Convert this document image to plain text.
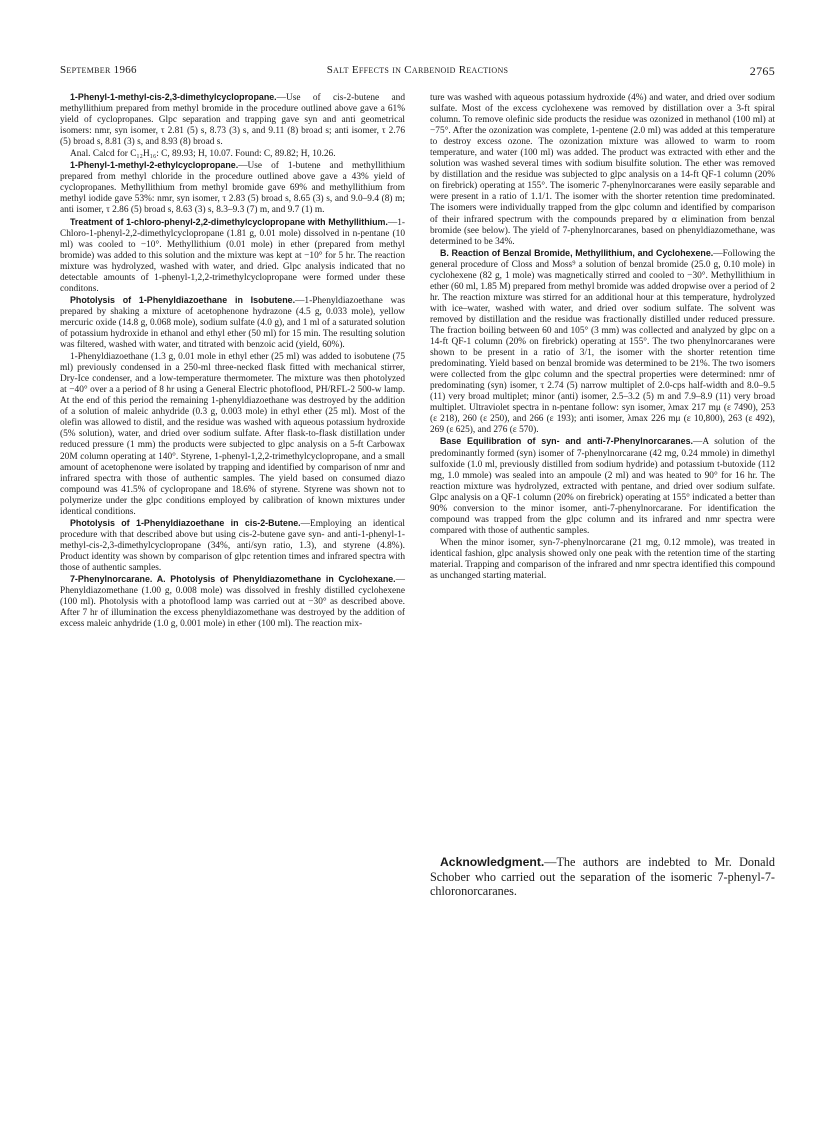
September 1966	Salt Effects in Carbenoid Reactions	2765

1-Phenyl-1-methyl-cis-2,3-dimethylcyclopropane.—Use of cis-2-butene and methyllithium prepared from methyl bromide in the procedure outlined above gave a 61% yield of cyclopropanes. Glpc separation and trapping gave syn and anti geometrical isomers: nmr, syn isomer, τ 2.81 (5) s, 8.73 (3) s, and 9.11 (8) broad s; anti isomer, τ 2.76 (5) broad s, 8.81 (3) s, and 8.93 (8) broad s.

Anal. Calcd for C₁₂H₁₆: C, 89.93; H, 10.07. Found: C, 89.82; H, 10.26.

1-Phenyl-1-methyl-2-ethylcyclopropane.—Use of 1-butene and methyllithium prepared from methyl chloride in the procedure outlined above gave a 43% yield of cyclopropanes. Methyllithium from methyl bromide gave 69% and methyllithium from methyl iodide gave 53%: nmr, syn isomer, τ 2.83 (5) broad s, 8.65 (3) s, and 9.0–9.4 (8) m; anti isomer, τ 2.86 (5) broad s, 8.63 (3) s, 8.3–9.3 (7) m, and 9.7 (1) m.

Treatment of 1-chloro-phenyl-2,2-dimethylcyclopropane with Methyllithium.—1-Chloro-1-phenyl-2,2-dimethylcyclopropane (1.81 g, 0.01 mole) dissolved in n-pentane (10 ml) was cooled to −10°. Methyllithium (0.01 mole) in ether (prepared from methyl bromide) was added to this solution and the mixture was kept at −10° for 5 hr. The reaction mixture was hydrolyzed, washed with water, and dried. Glpc analysis indicated that no detectable amounts of 1-phenyl-1,2,2-trimethylcyclopropane were formed under these conditons.

Photolysis of 1-Phenyldiazoethane in Isobutene.—1-Phenyldiazoethane was prepared by shaking a mixture of acetophenone hydrazone (4.5 g, 0.033 mole), yellow mercuric oxide (14.8 g, 0.068 mole), sodium sulfate (4.0 g), and 1 ml of a saturated solution of potassium hydroxide in ethanol and ethyl ether (50 ml) for 15 min. The resulting solution was filtered, washed with water, and titrated with benzoic acid (yield, 60%).

1-Phenyldiazoethane (1.3 g, 0.01 mole in ethyl ether (25 ml) was added to isobutene (75 ml) previously condensed in a 250-ml three-necked flask fitted with mechanical stirrer, Dry-Ice condenser, and a low-temperature thermometer. The mixture was then photolyzed at −40° over a a period of 8 hr using a General Electric photoflood, PH/RFL-2 500-w lamp. At the end of this period the remaining 1-phenyldiazoethane was destroyed by the addition of a solution of maleic anhydride (0.3 g, 0.003 mole) in ethyl ether (25 ml). Most of the olefin was allowed to distil, and the residue was washed with aqueous potassium hydroxide (5% solution), water, and dried over sodium sulfate. After flask-to-flask distillation under reduced pressure (1 mm) the products were subjected to glpc analysis on a 5-ft Carbowax 20M column operating at 140°. Styrene, 1-phenyl-1,2,2-trimethylcyclopropane, and a small amount of acetophenone were isolated by trapping and identified by comparison of nmr and infrared spectra with those of authentic samples. The yield based on consumed diazo compound was 41.5% of cyclopropane and 18.6% of styrene. Styrene was shown not to polymerize under the glpc conditions employed by calibration of known mixtures under identical conditions.

Photolysis of 1-Phenyldiazoethane in cis-2-Butene.—Employing an identical procedure with that described above but using cis-2-butene gave syn- and anti-1-phenyl-1-methyl-cis-2,3-dimethylcyclopropane (34%, anti/syn ratio, 1.3), and styrene (4.8%). Product identity was shown by comparison of glpc retention times and infrared spectra with those of authentic samples.

7-Phenylnorcarane. A. Photolysis of Phenyldiazomethane in Cyclohexane.—Phenyldiazomethane (1.00 g, 0.008 mole) was dissolved in freshly distilled cyclohexene (100 ml). Photolysis with a photoflood lamp was carried out at −30° as described above. After 7 hr of illumination the excess phenyldiazomethane was destroyed by the addition of excess maleic anhydride (1.0 g, 0.001 mole) in ether (100 ml). The reaction mix-

ture was washed with aqueous potassium hydroxide (4%) and water, and dried over sodium sulfate. Most of the excess cyclohexene was removed by distillation over a 3-ft spiral column. To remove olefinic side products the residue was ozonized in methanol (100 ml) at −75°. After the ozonization was complete, 1-pentene (2.0 ml) was added at this temperature to destroy excess ozone. The ozonization mixture was allowed to warm to room temperature, and water (100 ml) was added. The product was extracted with ether and the solution was washed several times with sodium bisulfite solution. The ether was removed by distillation and the residue was subjected to glpc analysis on a 14-ft QF-1 column (20% on firebrick) operating at 155°. The isomeric 7-phenylnorcaranes were easily separable and were present in a ratio of 1.1/1. The isomer with the shorter retention time predominated. The isomers were individually trapped from the glpc column and identified by comparison of their infrared spectrum with the compounds prepared by α elimination from benzal bromide (see below). The yield of 7-phenylnorcaranes, based on phenyldiazomethane, was determined to be 34%.

B. Reaction of Benzal Bromide, Methyllithium, and Cyclohexene.—Following the general procedure of Closs and Moss⁹ a solution of benzal bromide (25.0 g, 0.10 mole) in cyclohexene (82 g, 1 mole) was magnetically stirred and cooled to −30°. Methyllithium in ether (60 ml, 1.85 M) prepared from methyl bromide was added dropwise over a period of 2 hr. The reaction mixture was stirred for an additional hour at this temperature, hydrolyzed with ice–water, washed with water, and dried over sodium sulfate. The solvent was removed by distillation and the residue was fractionally distilled under reduced pressure. The fraction boiling between 60 and 105° (3 mm) was collected and analyzed by glpc on a 14-ft QF-1 column (20% on firebrick) operating at 155°. The two phenylnorcaranes were shown to be present in a ratio of 3/1, the isomer with the shorter retention time predominating. Yield based on benzal bromide was determined to be 21%. The two isomers were collected from the glpc column and the spectral properties were determined: nmr of predominating (syn) isomer, τ 2.74 (5) narrow multiplet of 2.0-cps half-width and 8.0–9.5 (11) very broad multiplet; minor (anti) isomer, 2.5–3.2 (5) m and 7.9–8.9 (11) very broad multiplet. Ultraviolet spectra in n-pentane follow: syn isomer, λmax 217 mμ (ε 7490), 253 (ε 218), 260 (ε 250), and 266 (ε 193); anti isomer, λmax 226 mμ (ε 10,800), 263 (ε 492), 269 (ε 625), and 276 (ε 570).

Base Equilibration of syn- and anti-7-Phenylnorcaranes.—A solution of the predominantly formed (syn) isomer of 7-phenylnorcarane (42 mg, 0.24 mmole) in dimethyl sulfoxide (1.0 ml, previously distilled from sodium hydride) and potassium t-butoxide (112 mg, 1.0 mmole) was sealed into an ampoule (2 ml) and was heated to 90° for 16 hr. The reaction mixture was hydrolyzed, extracted with pentane, and dried over sodium sulfate. Glpc analysis on a QF-1 column (20% on firebrick) operating at 155° indicated a better than 90% conversion to the minor isomer, anti-7-phenylnorcarane. For identification the compound was trapped from the glpc column and its infrared and nmr spectra were compared with those of authentic samples.

When the minor isomer, syn-7-phenylnorcarane (21 mg, 0.12 mmole), was treated in identical fashion, glpc analysis showed only one peak with the retention time of the starting material. Trapping and comparison of the infrared and nmr spectra identified this compound as unchanged starting material.

Acknowledgment.—The authors are indebted to Mr. Donald Schober who carried out the separation of the isomeric 7-phenyl-7-chloronorcaranes.
